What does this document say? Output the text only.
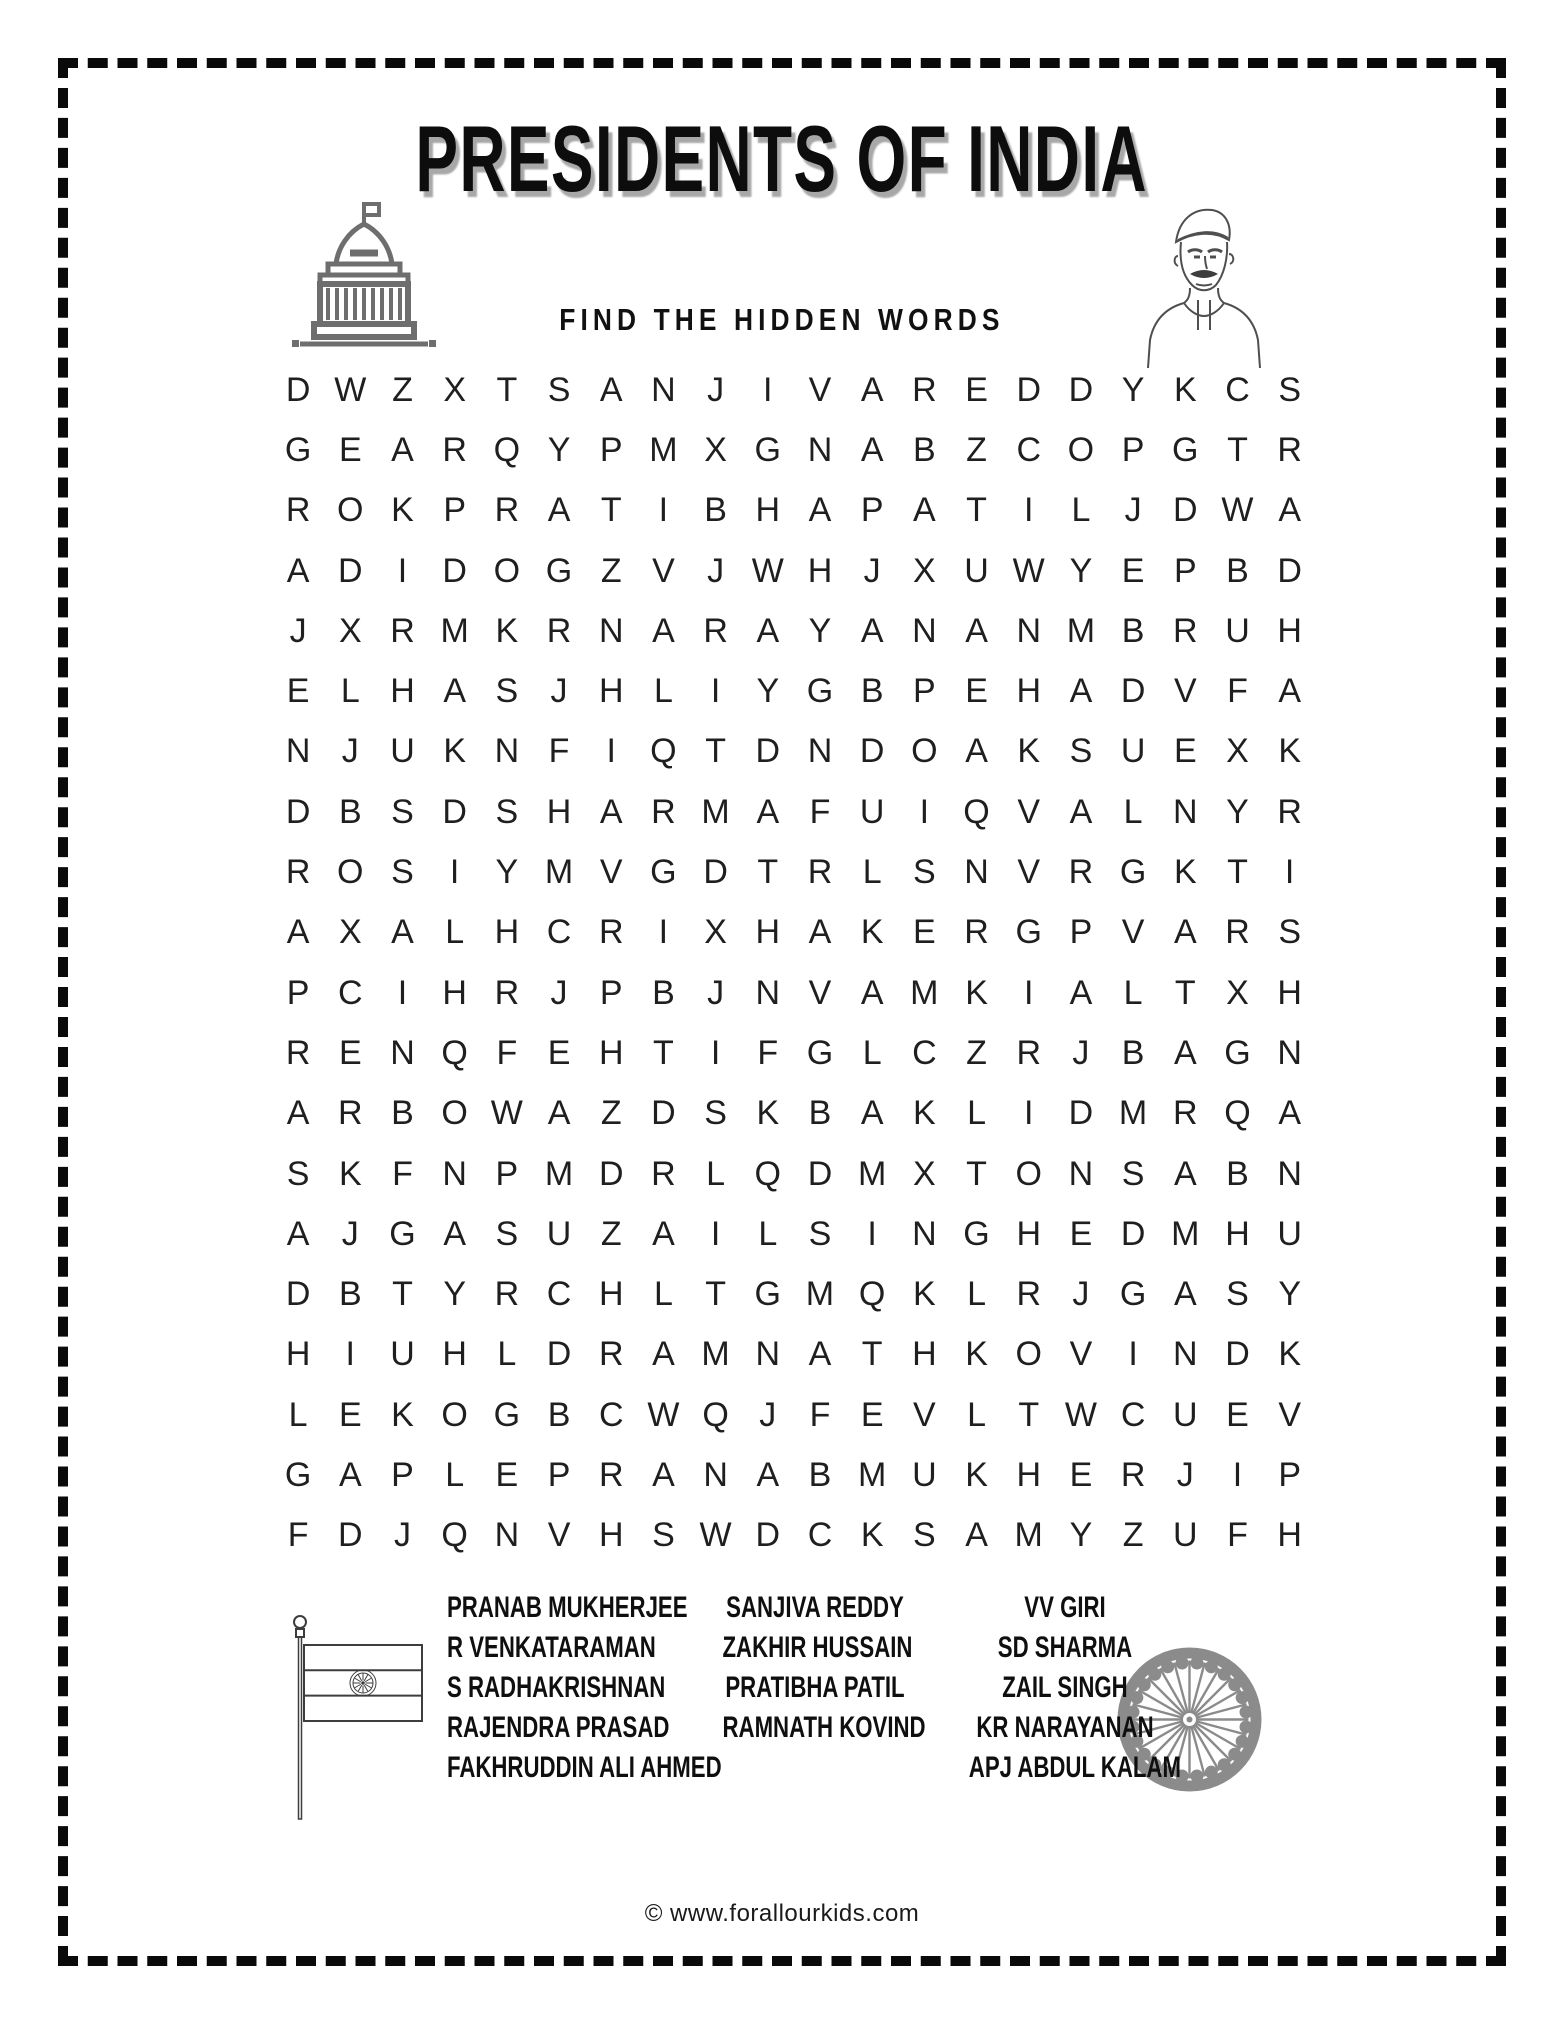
PRESIDENTS OF INDIA
FIND THE HIDDEN WORDS
D W Z X T S A N J	I	V A R E D D Y K C S
G E A R Q Y P M X G N A B Z C O P G T R
R O K P R A T	I	B H A P A T	I	L	J D W A
A D	I	D O G Z V J W H J X U W Y E P B D
J X R M K R N A R A Y A N A N M B R U H
E L H A S J H L	I	Y G B P E H A D V F A
N J U K N F	I	Q T D N D O A K S U E X K
D B S D S H A R M A F U	I	Q V A L N Y R
R O S	I	Y M V G D T R L S N V R G K T	I
A X A L H C R	I	X H A K E R G P V A R S
P C	I	H R J P B J N V A M K	I	A L T X H
R E N Q F E H T	I	F G L C Z R J B A G N
A R B O W A Z D S K B A K L	I	D M R Q A
S K F N P M D R L Q D M X T O N S A B N
A J G A S U Z A	I	L S	I	N G H E D M H U
D B T Y R C H L T G M Q K L R J G A S Y
H	I	U H L D R A M N A T H K O V	I	N D K
L E K O G B C W Q J F E V L T W C U E V
G A P L E P R A N A B M U K H E R J	I	P
F D J Q N V H S W D C K S A M Y Z U F H
PRANAB MUKHERJEE
R VENKATARAMAN
S RADHAKRISHNAN
RAJENDRA PRASAD
FAKHRUDDIN ALI AHMED
SANJIVA REDDY
ZAKHIR HUSSAIN
PRATIBHA PATIL
RAMNATH KOVIND
VV GIRI
SD SHARMA
ZAIL SINGH
KR NARAYANAN
APJ ABDUL KALAM
© www.forallourkids.com
